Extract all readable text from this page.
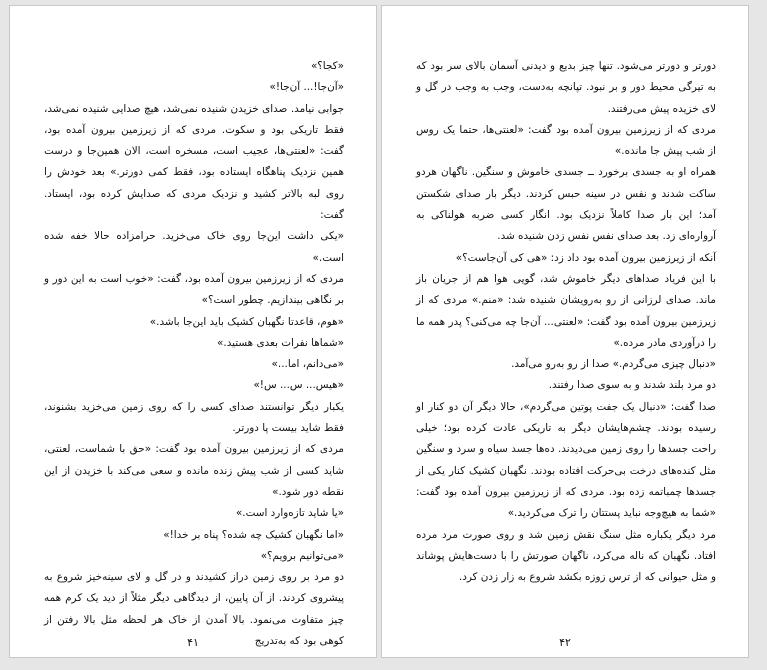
«کجا؟»

«آن‌جا!... آن‌جا!»

جوابی نیامد. صدای خزیدن شنیده نمی‌شد، هیچ صدایی شنیده نمی‌شد، فقط تاریکی بود و سکوت. مردی که از زیرزمین بیرون آمده بود، گفت: «لعنتی‌ها، عجیب است، مسخره است، الان همین‌جا و درست همین نزدیک پناهگاه ایستاده بود، فقط کمی دورتر.» بعد خودش را روی لبه بالاتر کشید و نزدیک مردی که صدایش کرده بود، ایستاد. گفت:

«یکی داشت این‌جا روی خاک می‌خزید. حرامزاده حالا خفه شده است.»

مردی که از زیرزمین بیرون آمده بود، گفت: «خوب است به این دور و بر نگاهی بیندازیم. چطور است؟»

«هوم، قاعدتا نگهبان کشیک باید این‌جا باشد.»

«شماها نفرات بعدی هستید.»

«می‌دانم، اما...»

«هیس... س... س!»

یکبار دیگر توانستند صدای کسی را که روی زمین می‌خزید بشنوند، فقط شاید بیست پا دورتر.

مردی که از زیرزمین بیرون آمده بود گفت: «حق با شماست، لعنتی، شاید کسی از شب پیش زنده مانده و سعی می‌کند با خزیدن از این نقطه دور شود.»

«یا شاید تازه‌وارد است.»

«اما نگهبان کشیک چه شده؟ پناه بر خدا!»

«می‌توانیم برویم؟»

دو مرد بر روی زمین دراز کشیدند و در گل و لای سینه‌خیز شروع به پیشروی کردند. از آن پایین، از دیدگاهی دیگر مثلاً از دید یک کرم همه چیز متفاوت می‌نمود. بالا آمدن از خاک هر لحظه مثل بالا رفتن از کوهی بود که به‌تدریج

۴۱

دورتر و دورتر می‌شود. تنها چیز بدیع و دیدنی آسمان بالای سر بود که به تیرگی محیط دور و بر نبود. تپانچه به‌دست، وجب به وجب در گل و لای خزیده پیش می‌رفتند.

مردی که از زیرزمین بیرون آمده بود گفت: «لعنتی‌ها، حتما یک روس از شب پیش جا مانده.»

همراه او به جسدی برخورد ــ جسدی خاموش و سنگین. ناگهان هردو ساکت شدند و نفس در سینه حبس کردند. دیگر بار صدای شکستن آمد؛ این بار صدا کاملاً نزدیک بود. انگار کسی ضربه هولناکی به آرواره‌ای زد. بعد صدای نفس نفس زدن شنیده شد.

آنکه از زیرزمین بیرون آمده بود داد زد: «هی کی آن‌جاست؟»

با این فریاد صداهای دیگر خاموش شد، گویی هوا هم از جریان باز ماند. صدای لرزانی از رو به‌رویشان شنیده شد: «منم.» مردی که از زیرزمین بیرون آمده بود گفت: «لعنتی... آن‌جا چه می‌کنی؟ پدر همه ما را درآوردی مادر مرده.»

«دنبال چیزی می‌گردم.» صدا از رو به‌رو می‌آمد.

دو مرد بلند شدند و به سوی صدا رفتند.

صدا گفت: «دنبال یک جفت پوتین می‌گردم»، حالا دیگر آن دو کنار او رسیده بودند. چشم‌هایشان دیگر به تاریکی عادت کرده بود؛ خیلی راحت جسدها را روی زمین می‌دیدند. ده‌ها جسد سیاه و سرد و سنگین مثل کنده‌های درخت بی‌حرکت افتاده بودند. نگهبان کشیک کنار یکی از جسدها چمباتمه زده بود. مردی که از زیرزمین بیرون آمده بود گفت: «شما به هیچ‌وجه نباید پستتان را ترک می‌کردید.»

مرد دیگر یکباره مثل سنگ نقش زمین شد و روی صورت مرد مرده افتاد. نگهبان که ناله می‌کرد، ناگهان صورتش را با دست‌هایش پوشاند و مثل حیوانی که از ترس زوزه بکشد شروع به زار زدن کرد.

۴۲
